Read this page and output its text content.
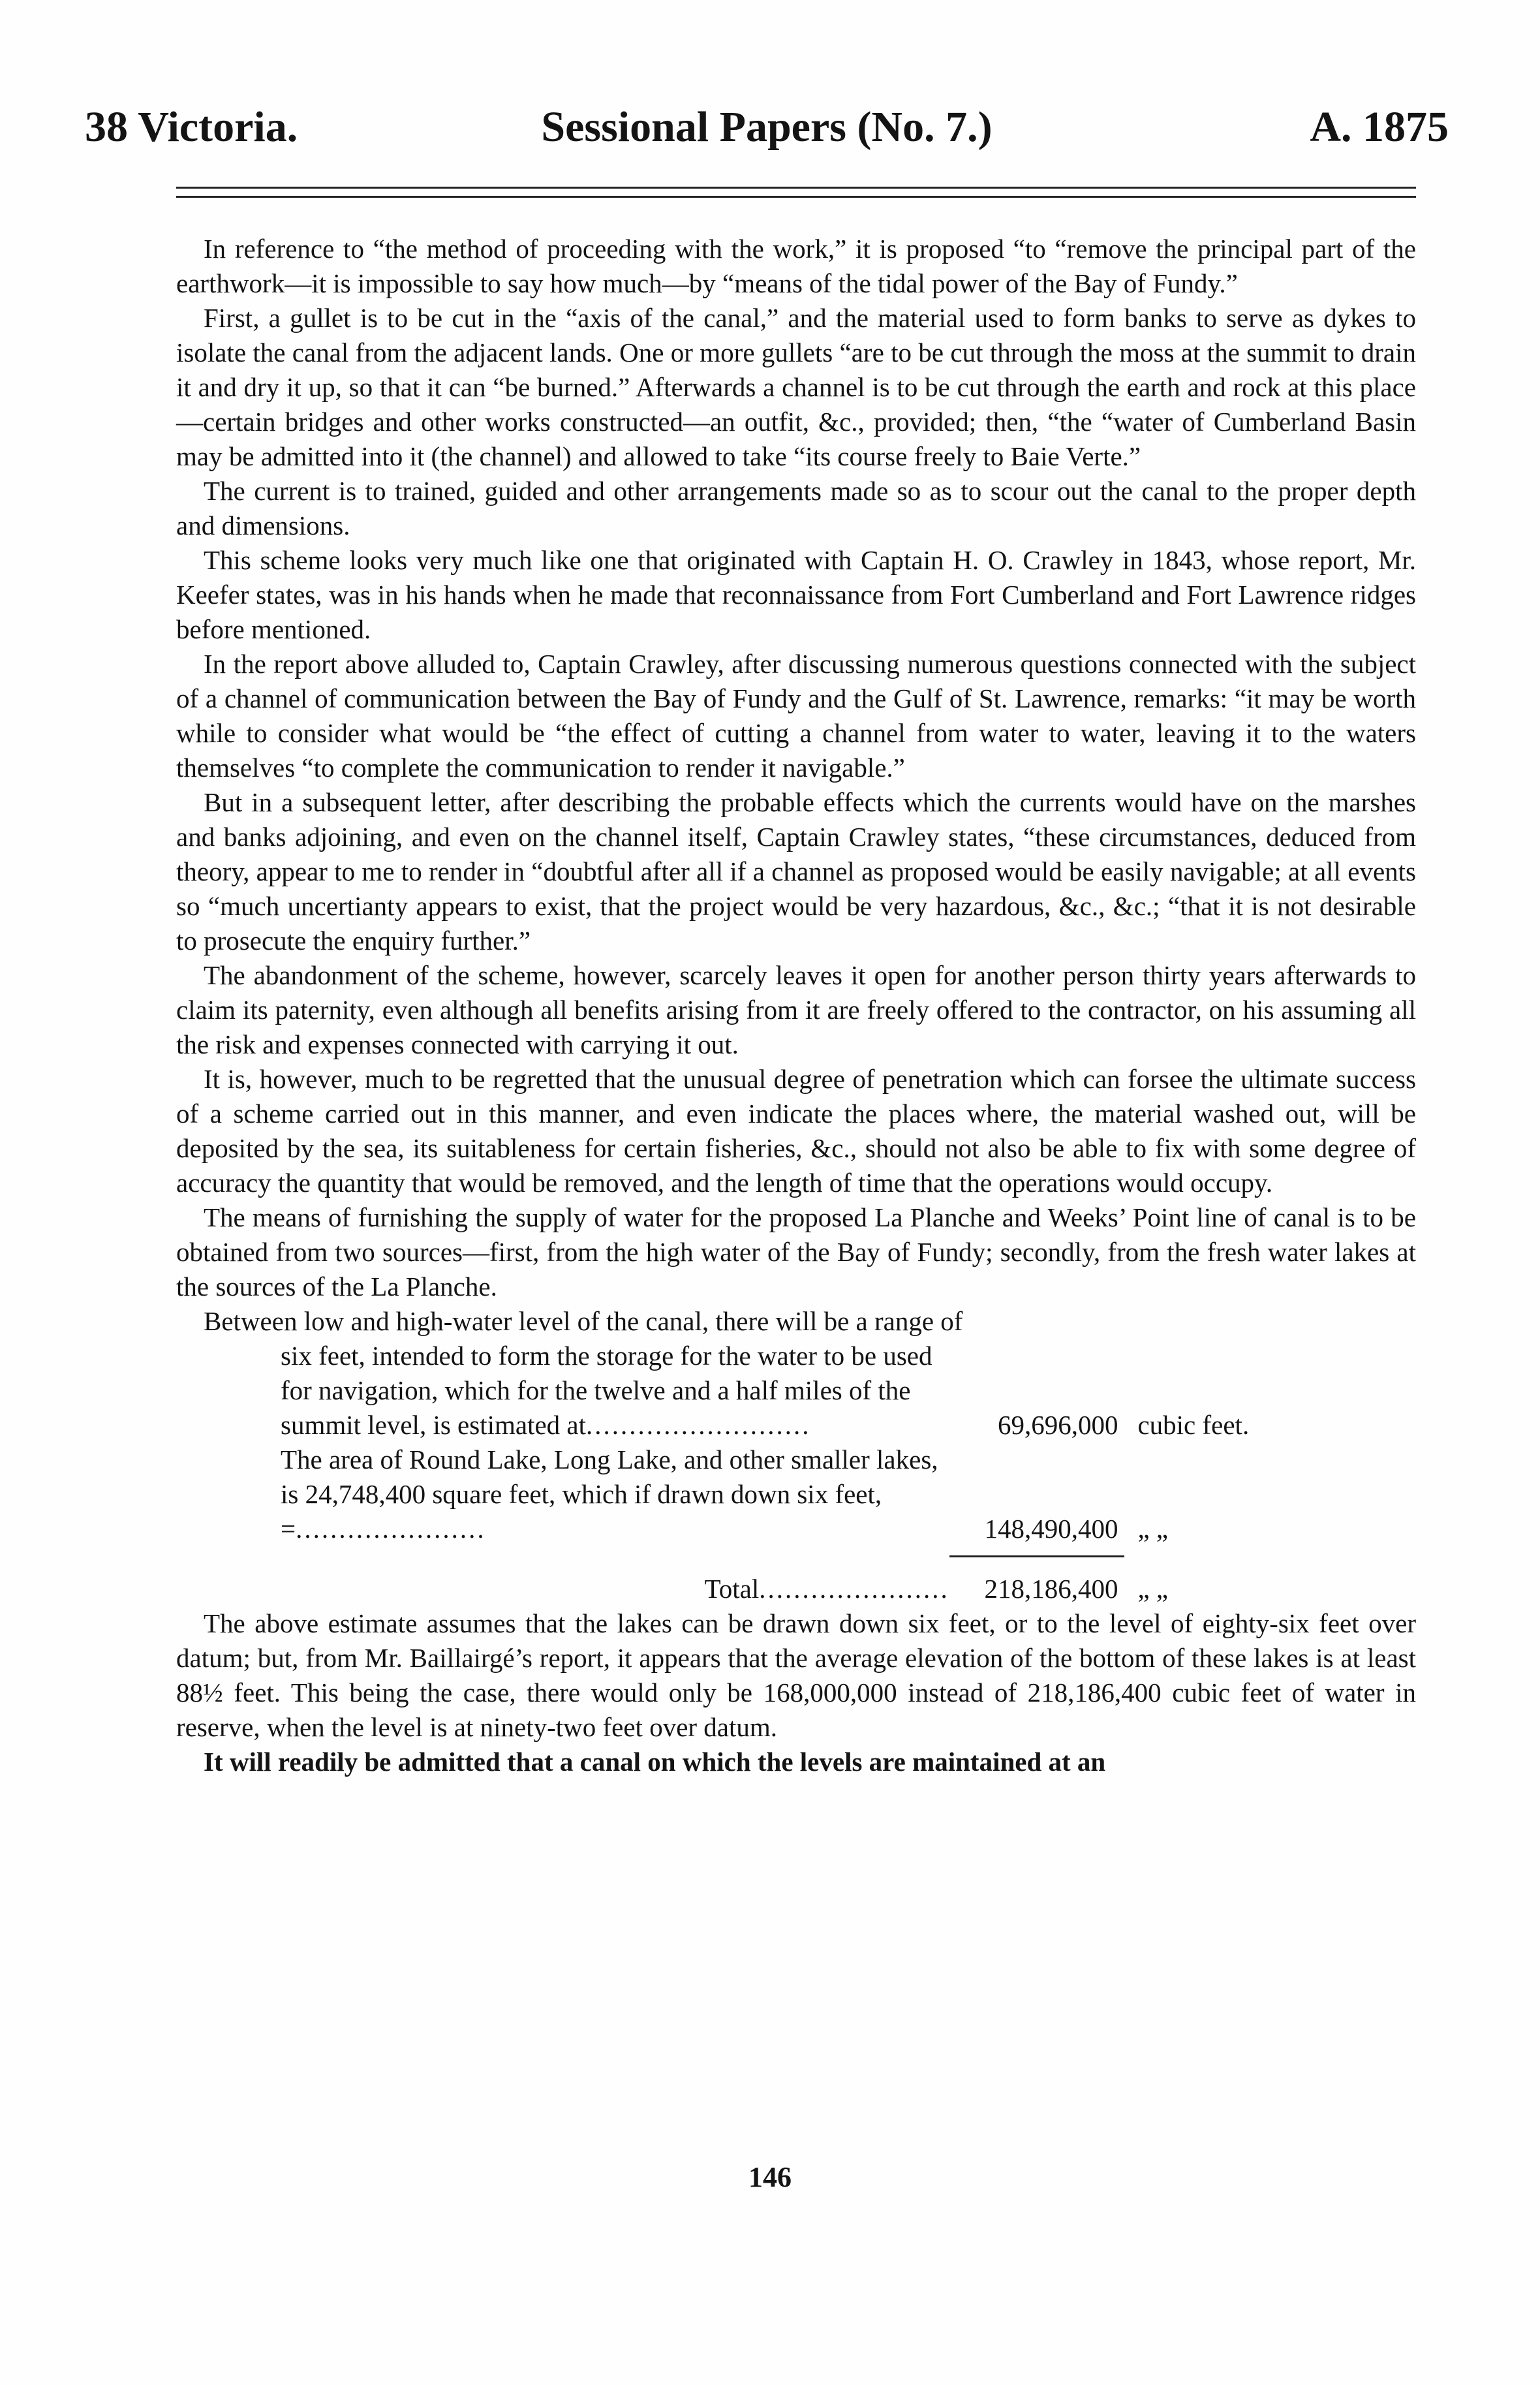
38 Victoria.	Sessional Papers (No. 7.)	A. 1875

In reference to “the method of proceeding with the work,” it is proposed “to “remove the principal part of the earthwork—it is impossible to say how much—by “means of the tidal power of the Bay of Fundy.”

First, a gullet is to be cut in the “axis of the canal,” and the material used to form banks to serve as dykes to isolate the canal from the adjacent lands. One or more gullets “are to be cut through the moss at the summit to drain it and dry it up, so that it can “be burned.” Afterwards a channel is to be cut through the earth and rock at this place—certain bridges and other works constructed—an outfit, &c., provided; then, “the “water of Cumberland Basin may be admitted into it (the channel) and allowed to take “its course freely to Baie Verte.”

The current is to trained, guided and other arrangements made so as to scour out the canal to the proper depth and dimensions.

This scheme looks very much like one that originated with Captain H. O. Crawley in 1843, whose report, Mr. Keefer states, was in his hands when he made that reconnaissance from Fort Cumberland and Fort Lawrence ridges before mentioned.

In the report above alluded to, Captain Crawley, after discussing numerous questions connected with the subject of a channel of communication between the Bay of Fundy and the Gulf of St. Lawrence, remarks: “it may be worth while to consider what would be “the effect of cutting a channel from water to water, leaving it to the waters themselves “to complete the communication to render it navigable.”

But in a subsequent letter, after describing the probable effects which the currents would have on the marshes and banks adjoining, and even on the channel itself, Captain Crawley states, “these circumstances, deduced from theory, appear to me to render in “doubtful after all if a channel as proposed would be easily navigable; at all events so “much uncertianty appears to exist, that the project would be very hazardous, &c., &c.; “that it is not desirable to prosecute the enquiry further.”

The abandonment of the scheme, however, scarcely leaves it open for another person thirty years afterwards to claim its paternity, even although all benefits arising from it are freely offered to the contractor, on his assuming all the risk and expenses connected with carrying it out.

It is, however, much to be regretted that the unusual degree of penetration which can forsee the ultimate success of a scheme carried out in this manner, and even indicate the places where, the material washed out, will be deposited by the sea, its suitableness for certain fisheries, &c., should not also be able to fix with some degree of accuracy the quantity that would be removed, and the length of time that the operations would occupy.

The means of furnishing the supply of water for the proposed La Planche and Weeks’ Point line of canal is to be obtained from two sources—first, from the high water of the Bay of Fundy; secondly, from the fresh water lakes at the sources of the La Planche.

Between low and high-water level of the canal, there will be a range of

six feet, intended to form the storage for the water to be used for navigation, which for the twelve and a half miles of the summit level, is estimated at..........................	69,696,000	cubic feet.
The area of Round Lake, Long Lake, and other smaller lakes, is 24,748,400 square feet, which if drawn down six feet, =......................	148,490,400	„ „

Total......................	218,186,400	„ „

The above estimate assumes that the lakes can be drawn down six feet, or to the level of eighty-six feet over datum; but, from Mr. Baillairgé’s report, it appears that the average elevation of the bottom of these lakes is at least 88½ feet. This being the case, there would only be 168,000,000 instead of 218,186,400 cubic feet of water in reserve, when the level is at ninety-two feet over datum.

It will readily be admitted that a canal on which the levels are maintained at an

146
